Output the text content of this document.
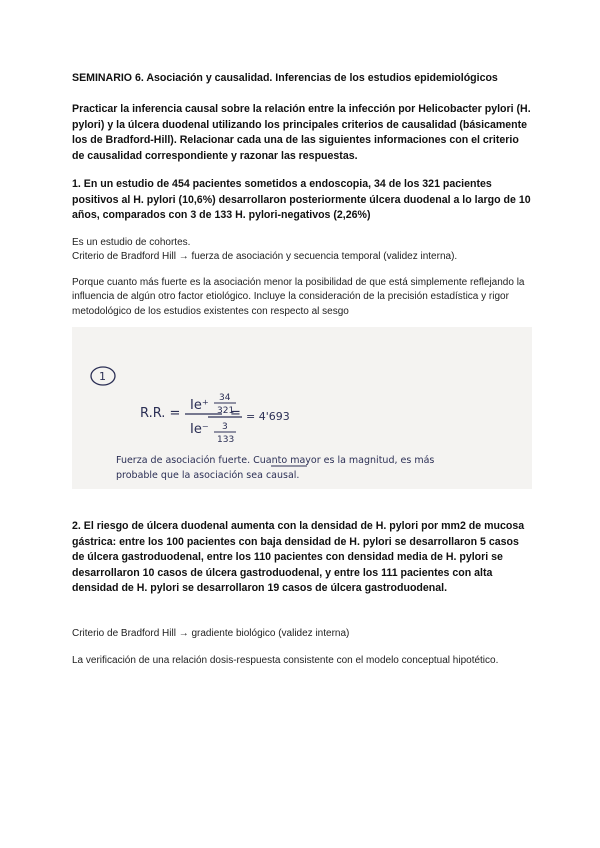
SEMINARIO 6. Asociación y causalidad. Inferencias de los estudios epidemiológicos
Practicar la inferencia causal sobre la relación entre la infección por Helicobacter pylori (H. pylori) y la úlcera duodenal utilizando los principales criterios de causalidad (básicamente los de Bradford-Hill). Relacionar cada una de las siguientes informaciones con el criterio de causalidad correspondiente y razonar las respuestas.
1. En un estudio de 454 pacientes sometidos a endoscopia, 34 de los 321 pacientes positivos al H. pylori (10,6%) desarrollaron posteriormente úlcera duodenal a lo largo de 10 años, comparados con 3 de 133 H. pylori-negativos (2,26%)
Es un estudio de cohortes.
Criterio de Bradford Hill → fuerza de asociación y secuencia temporal (validez interna).
Porque cuanto más fuerte es la asociación menor la posibilidad de que está simplemente reflejando la influencia de algún otro factor etiológico. Incluye la consideración de la precisión estadística y rigor metodológico de los estudios existentes con respecto al sesgo
1
R.R. =
Ie⁺
Ie⁻
=
34
321
3
133
= 4'693
Fuerza de asociación fuerte. Cuanto mayor es la magnitud, es más
probable que la asociación sea causal.
2. El riesgo de úlcera duodenal aumenta con la densidad de H. pylori por mm2 de mucosa gástrica: entre los 100 pacientes con baja densidad de H. pylori se desarrollaron 5 casos de úlcera gastroduodenal, entre los 110 pacientes con densidad media de H. pylori se desarrollaron 10 casos de úlcera gastroduodenal, y entre los 111 pacientes con alta densidad de H. pylori se desarrollaron 19 casos de úlcera gastroduodenal.
Criterio de Bradford Hill → gradiente biológico (validez interna)
La verificación de una relación dosis-respuesta consistente con el modelo conceptual hipotético.
